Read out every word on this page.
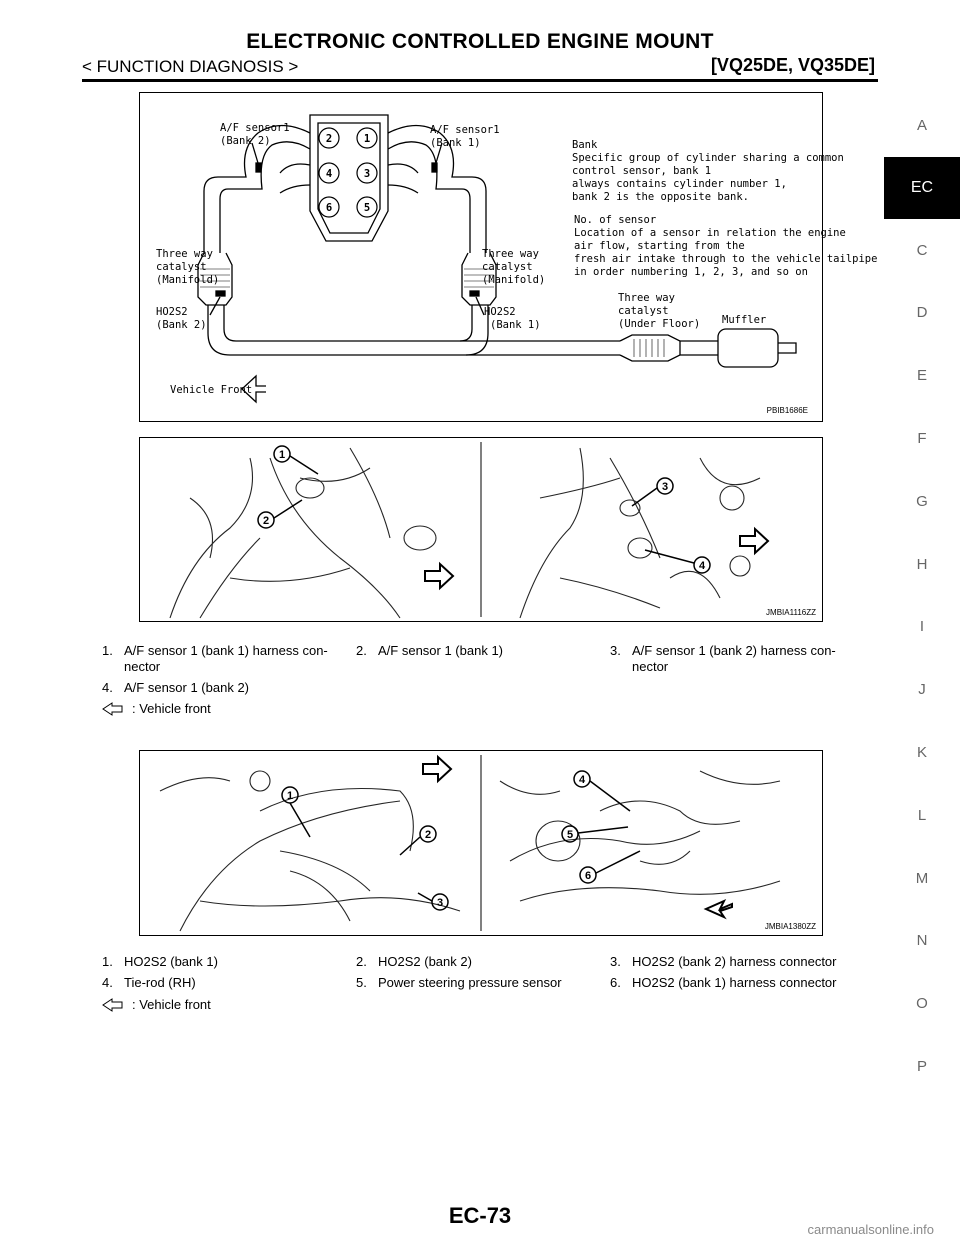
ELECTRONIC CONTROLLED ENGINE MOUNT
< FUNCTION DIAGNOSIS >	[VQ25DE, VQ35DE]
A
EC
C
D
E
F
G
H
I
J
K
L
M
N
O
P
2	1
4	3
6	5
A/F sensor1
(Bank 2)
A/F sensor1
(Bank 1)	Bank
Specific group of cylinder sharing a common
control sensor, bank 1
always contains cylinder number 1,
bank 2 is the opposite bank.
No. of sensor
Location of a sensor in relation the engine
air flow, starting from the
fresh air intake through to the vehicle tailpipe
in order numbering 1, 2, 3, and so on
Three way
catalyst
(Manifold)
Three way
catalyst
(Manifold)
HO2S2
(Bank 2)
HO2S2
(Bank 1)
Three way
catalyst
(Under Floor) Muffler
Vehicle Front
PBIB1686E
1
2
3
4
JMBIA1116ZZ
1. A/F sensor 1 (bank 1) harness con-nector
2. A/F sensor 1 (bank 1)	3. A/F sensor 1 (bank 2) harness con-nector
4. A/F sensor 1 (bank 2)
: Vehicle front
1
2
3
4
5
6
JMBIA1380ZZ
1. HO2S2 (bank 1)	2. HO2S2 (bank 2)	3. HO2S2 (bank 2) harness connector
4. Tie-rod (RH)	5. Power steering pressure sensor	6. HO2S2 (bank 1) harness connector
: Vehicle front
EC-73
carmanualsonline.info
